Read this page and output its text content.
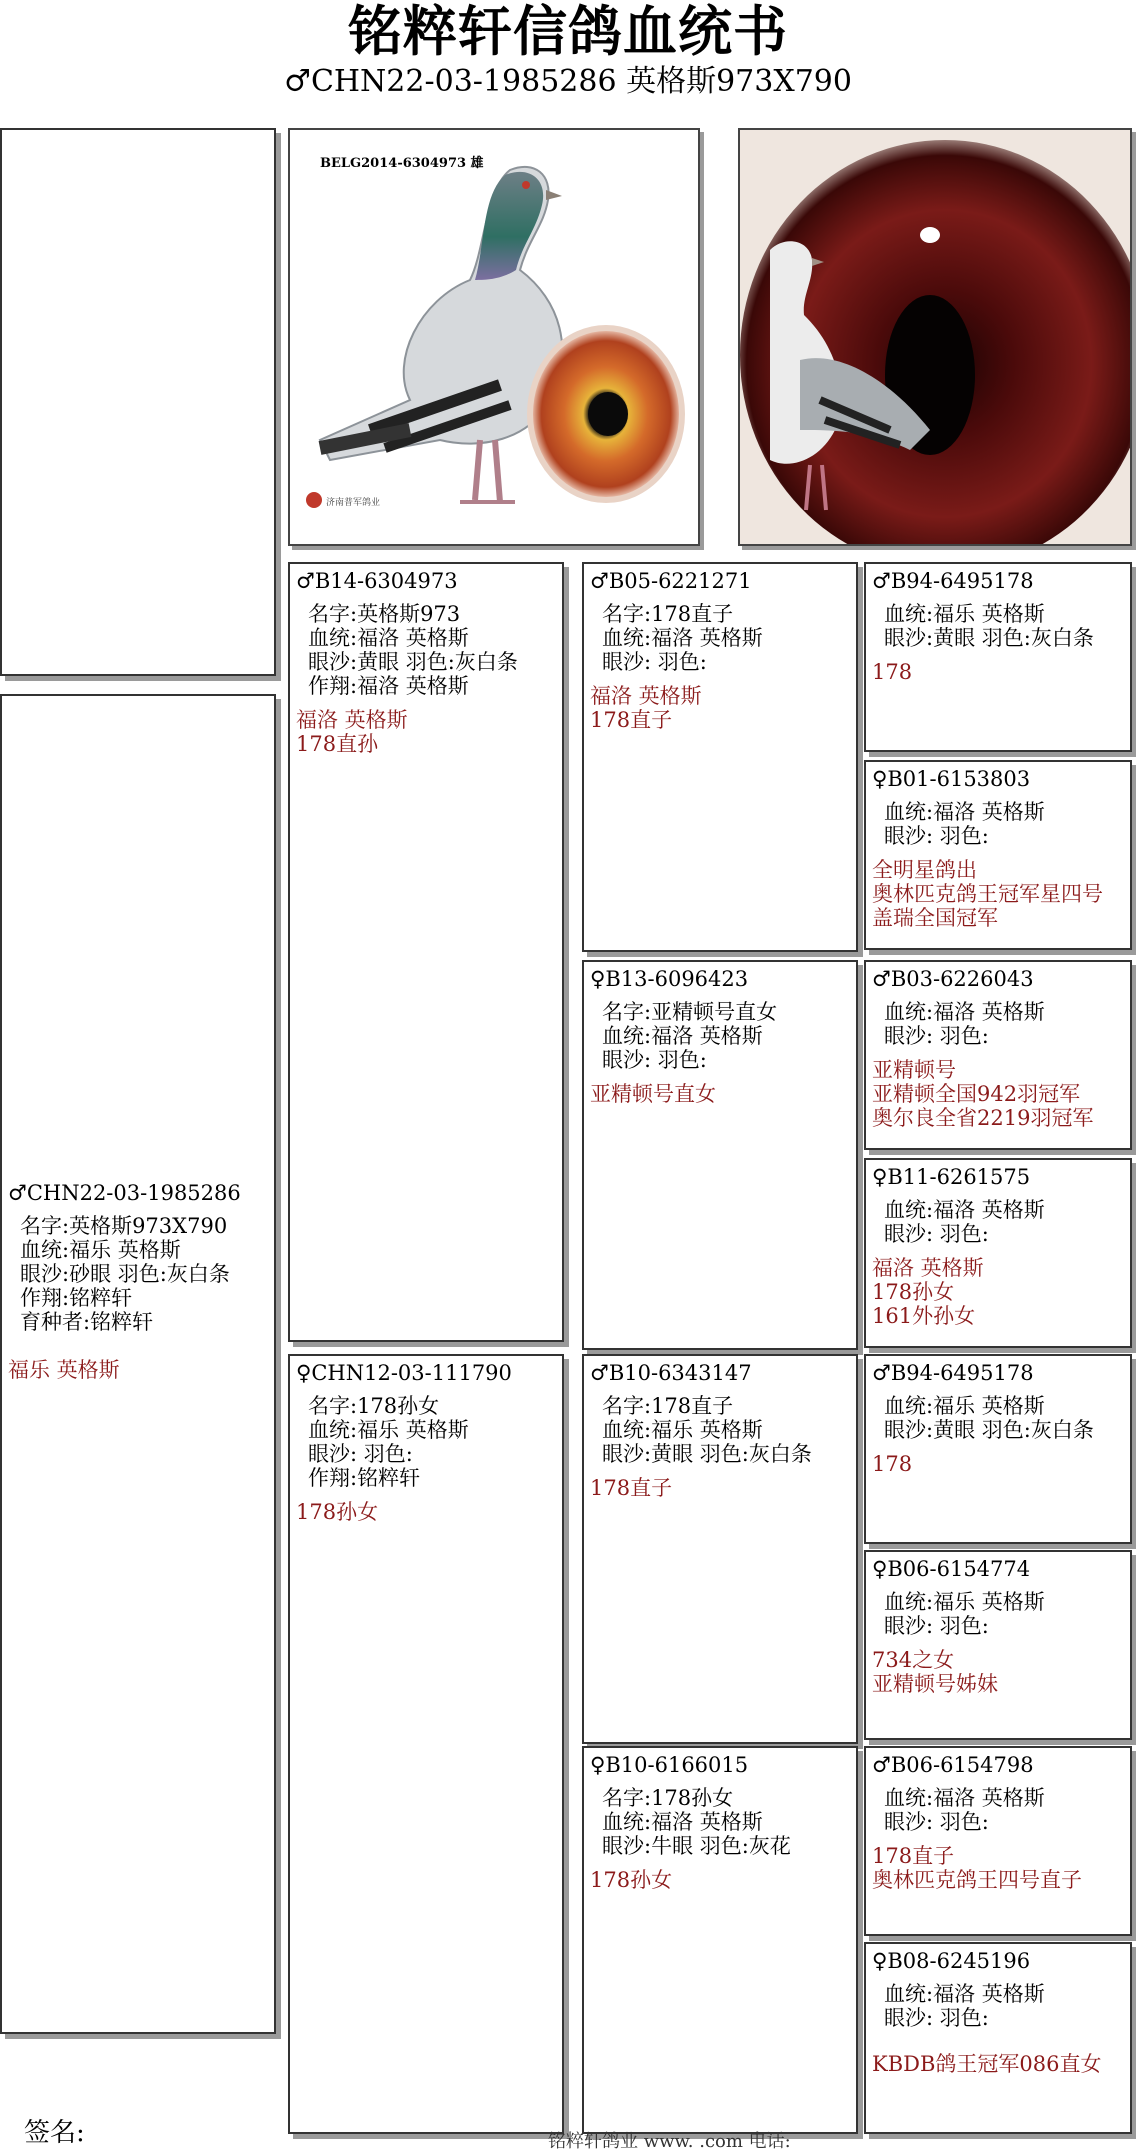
铭粹轩信鸽血统书
♂CHN22-03-1985286 英格斯973X790
BELG2014-6304973 雄
济南普军鸽业
♂CHN22-03-1985286
名字:英格斯973X790
血统:福乐 英格斯
眼沙:砂眼 羽色:灰白条
作翔:铭粹轩
育种者:铭粹轩
福乐 英格斯
♂B14-6304973
名字:英格斯973
血统:福洛 英格斯
眼沙:黄眼 羽色:灰白条
作翔:福洛 英格斯
福洛 英格斯
178直孙
♀CHN12-03-111790
名字:178孙女
血统:福乐 英格斯
眼沙: 羽色:
作翔:铭粹轩
178孙女
♂B05-6221271
名字:178直子
血统:福洛 英格斯
眼沙: 羽色:
福洛 英格斯
178直子
♀B13-6096423
名字:亚精顿号直女
血统:福洛 英格斯
眼沙: 羽色:
亚精顿号直女
♂B10-6343147
名字:178直子
血统:福乐 英格斯
眼沙:黄眼 羽色:灰白条
178直子
♀B10-6166015
名字:178孙女
血统:福洛 英格斯
眼沙:牛眼 羽色:灰花
178孙女
♂B94-6495178
血统:福乐 英格斯
眼沙:黄眼 羽色:灰白条
178
♀B01-6153803
血统:福洛 英格斯
眼沙: 羽色:
全明星鸽出
奥林匹克鸽王冠军星四号
盖瑞全国冠军
♂B03-6226043
血统:福洛 英格斯
眼沙: 羽色:
亚精顿号
亚精顿全国942羽冠军
奥尔良全省2219羽冠军
♀B11-6261575
血统:福洛 英格斯
眼沙: 羽色:
福洛 英格斯
178孙女
161外孙女
♂B94-6495178
血统:福乐 英格斯
眼沙:黄眼 羽色:灰白条
178
♀B06-6154774
血统:福乐 英格斯
眼沙: 羽色:
734之女
亚精顿号姊妹
♂B06-6154798
血统:福洛 英格斯
眼沙: 羽色:
178直子
奥林匹克鸽王四号直子
♀B08-6245196
血统:福洛 英格斯
眼沙: 羽色:
KBDB鸽王冠军086直女
签名:	铭粹轩鸽业 www. .com 电话:
